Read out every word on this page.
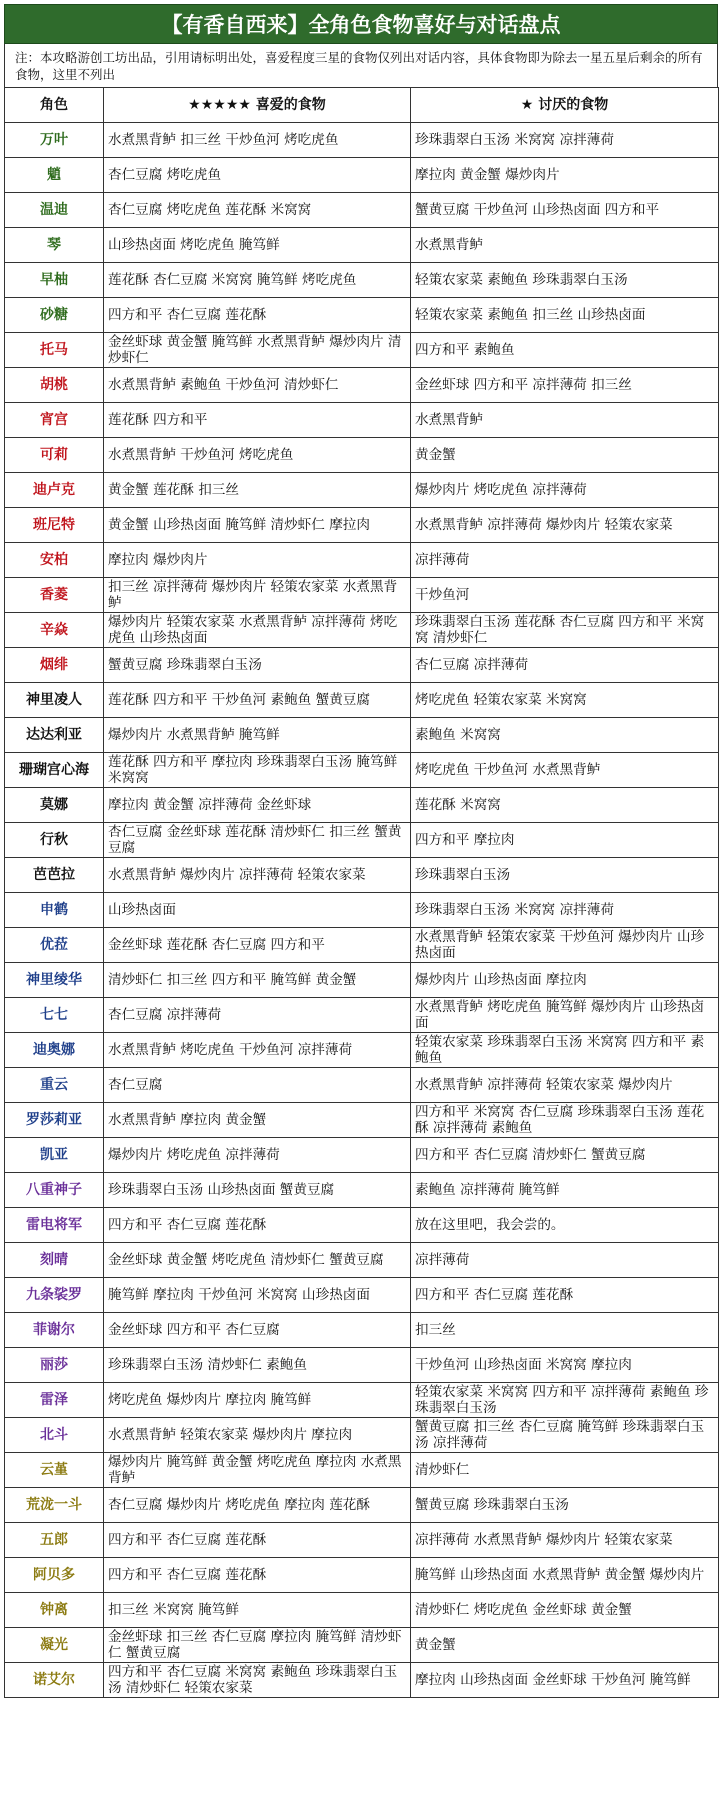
【有香自西来】全角色食物喜好与对话盘点
注：本攻略游创工坊出品，引用请标明出处，喜爱程度三星的食物仅列出对话内容，具体食物即为除去一星五星后剩余的所有食物，这里不列出
角色	★★★★★ 喜爱的食物	★ 讨厌的食物
万叶	水煮黑背鲈 扣三丝 干炒鱼河 烤吃虎鱼	珍珠翡翠白玉汤 米窝窝 凉拌薄荷
魈	杏仁豆腐 烤吃虎鱼	摩拉肉 黄金蟹 爆炒肉片
温迪	杏仁豆腐 烤吃虎鱼 莲花酥 米窝窝	蟹黄豆腐 干炒鱼河 山珍热卤面 四方和平
琴	山珍热卤面 烤吃虎鱼 腌笃鲜	水煮黑背鲈
早柚	莲花酥 杏仁豆腐 米窝窝 腌笃鲜 烤吃虎鱼	轻策农家菜 素鲍鱼 珍珠翡翠白玉汤
砂糖	四方和平 杏仁豆腐 莲花酥	轻策农家菜 素鲍鱼 扣三丝 山珍热卤面
托马	金丝虾球 黄金蟹 腌笃鲜 水煮黑背鲈 爆炒肉片 清炒虾仁	四方和平 素鲍鱼
胡桃	水煮黑背鲈 素鲍鱼 干炒鱼河 清炒虾仁	金丝虾球 四方和平 凉拌薄荷 扣三丝
宵宫	莲花酥 四方和平	水煮黑背鲈
可莉	水煮黑背鲈 干炒鱼河 烤吃虎鱼	黄金蟹
迪卢克	黄金蟹 莲花酥 扣三丝	爆炒肉片 烤吃虎鱼 凉拌薄荷
班尼特	黄金蟹 山珍热卤面 腌笃鲜 清炒虾仁 摩拉肉	水煮黑背鲈 凉拌薄荷 爆炒肉片 轻策农家菜
安柏	摩拉肉 爆炒肉片	凉拌薄荷
香菱	扣三丝 凉拌薄荷 爆炒肉片 轻策农家菜 水煮黑背鲈	干炒鱼河
辛焱	爆炒肉片 轻策农家菜 水煮黑背鲈 凉拌薄荷 烤吃虎鱼 山珍热卤面	珍珠翡翠白玉汤 莲花酥 杏仁豆腐 四方和平 米窝窝 清炒虾仁
烟绯	蟹黄豆腐 珍珠翡翠白玉汤	杏仁豆腐 凉拌薄荷
神里凌人	莲花酥 四方和平 干炒鱼河 素鲍鱼 蟹黄豆腐	烤吃虎鱼 轻策农家菜 米窝窝
达达利亚	爆炒肉片 水煮黑背鲈 腌笃鲜	素鲍鱼 米窝窝
珊瑚宫心海	莲花酥 四方和平 摩拉肉 珍珠翡翠白玉汤 腌笃鲜 米窝窝	烤吃虎鱼 干炒鱼河 水煮黑背鲈
莫娜	摩拉肉 黄金蟹 凉拌薄荷 金丝虾球	莲花酥 米窝窝
行秋	杏仁豆腐 金丝虾球 莲花酥 清炒虾仁 扣三丝 蟹黄豆腐	四方和平 摩拉肉
芭芭拉	水煮黑背鲈 爆炒肉片 凉拌薄荷 轻策农家菜	珍珠翡翠白玉汤
申鹤	山珍热卤面	珍珠翡翠白玉汤 米窝窝 凉拌薄荷
优菈	金丝虾球 莲花酥 杏仁豆腐 四方和平	水煮黑背鲈 轻策农家菜 干炒鱼河 爆炒肉片 山珍热卤面
神里绫华	清炒虾仁 扣三丝 四方和平 腌笃鲜 黄金蟹	爆炒肉片 山珍热卤面 摩拉肉
七七	杏仁豆腐 凉拌薄荷	水煮黑背鲈 烤吃虎鱼 腌笃鲜 爆炒肉片 山珍热卤面
迪奥娜	水煮黑背鲈 烤吃虎鱼 干炒鱼河 凉拌薄荷	轻策农家菜 珍珠翡翠白玉汤 米窝窝 四方和平 素鲍鱼
重云	杏仁豆腐	水煮黑背鲈 凉拌薄荷 轻策农家菜 爆炒肉片
罗莎莉亚	水煮黑背鲈 摩拉肉 黄金蟹	四方和平 米窝窝 杏仁豆腐 珍珠翡翠白玉汤 莲花酥 凉拌薄荷 素鲍鱼
凯亚	爆炒肉片 烤吃虎鱼 凉拌薄荷	四方和平 杏仁豆腐 清炒虾仁 蟹黄豆腐
八重神子	珍珠翡翠白玉汤 山珍热卤面 蟹黄豆腐	素鲍鱼 凉拌薄荷 腌笃鲜
雷电将军	四方和平 杏仁豆腐 莲花酥	放在这里吧，我会尝的。
刻晴	金丝虾球 黄金蟹 烤吃虎鱼 清炒虾仁 蟹黄豆腐	凉拌薄荷
九条裟罗	腌笃鲜 摩拉肉 干炒鱼河 米窝窝 山珍热卤面	四方和平 杏仁豆腐 莲花酥
菲谢尔	金丝虾球 四方和平 杏仁豆腐	扣三丝
丽莎	珍珠翡翠白玉汤 清炒虾仁 素鲍鱼	干炒鱼河 山珍热卤面 米窝窝 摩拉肉
雷泽	烤吃虎鱼 爆炒肉片 摩拉肉 腌笃鲜	轻策农家菜 米窝窝 四方和平 凉拌薄荷 素鲍鱼 珍珠翡翠白玉汤
北斗	水煮黑背鲈 轻策农家菜 爆炒肉片 摩拉肉	蟹黄豆腐 扣三丝 杏仁豆腐 腌笃鲜 珍珠翡翠白玉汤 凉拌薄荷
云堇	爆炒肉片 腌笃鲜 黄金蟹 烤吃虎鱼 摩拉肉 水煮黑背鲈	清炒虾仁
荒泷一斗	杏仁豆腐 爆炒肉片 烤吃虎鱼 摩拉肉 莲花酥	蟹黄豆腐 珍珠翡翠白玉汤
五郎	四方和平 杏仁豆腐 莲花酥	凉拌薄荷 水煮黑背鲈 爆炒肉片 轻策农家菜
阿贝多	四方和平 杏仁豆腐 莲花酥	腌笃鲜 山珍热卤面 水煮黑背鲈 黄金蟹 爆炒肉片
钟离	扣三丝 米窝窝 腌笃鲜	清炒虾仁 烤吃虎鱼 金丝虾球 黄金蟹
凝光	金丝虾球 扣三丝 杏仁豆腐 摩拉肉 腌笃鲜 清炒虾仁 蟹黄豆腐	黄金蟹
诺艾尔	四方和平 杏仁豆腐 米窝窝 素鲍鱼 珍珠翡翠白玉汤 清炒虾仁 轻策农家菜	摩拉肉 山珍热卤面 金丝虾球 干炒鱼河 腌笃鲜
